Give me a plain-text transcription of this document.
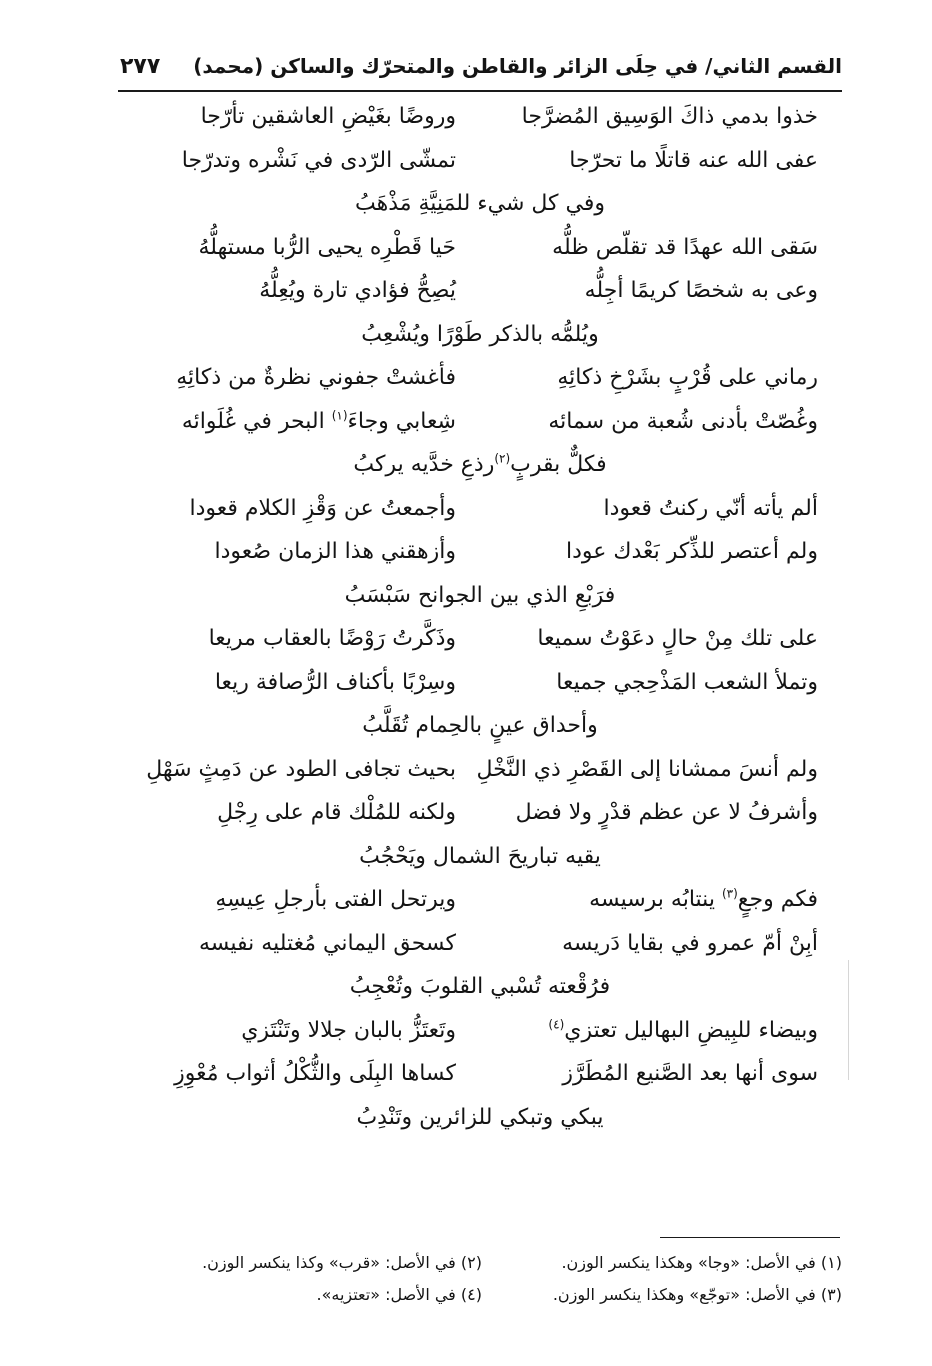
القسم الثاني/ في حِلَى الزائر والقاطن والمتحرّك والساكن (محمد)
٢٧٧
خذوا بدمي ذاكَ الوَسِيق المُضرَّجا
وروضًا بغَيْضِ العاشقين تأرّجا
عفى الله عنه قاتلًا ما تحرّجا
تمشّى الرّدى في نَشْره وتدرّجا
وفي كل شيء للمَنِيَّةِ مَذْهَبُ
سَقى الله عهدًا قد تقلّص ظلُّه
حَيا قَطْرِه يحيى الرُّبا مستهلُّهُ
وعى به شخصًا كريمًا أجِلُّه
يُصِحُّ فؤادي تارة ويُعِلُّهُ
ويُلمُّه بالذكر طَوْرًا ويُشْعِبُ
رماني على قُرْبٍ بشَرْخِ ذكائِهِ
فأغشتْ جفوني نظرةٌ من ذكائِهِ
وغُصّتْ بأدنى شُعبة من سمائه
شِعابي وجاءَ$^{(١)}$ البحر في غُلَوائه
فكلٌّ بقربٍ$^{(٢)}$رذعِ خدَّيه يركبُ
ألم يأته أنّي ركنتُ قعودا
وأجمعتُ عن وَقْزِ الكلام قعودا
ولم أعتصر للذِّكر بَعْدك عودا
وأزهقني هذا الزمان صُعودا
فرَبْعِ الذي بين الجوانح سَبْسَبُ
على تلك مِنْ حالٍ دعَوْتُ سميعا
وذَكَّرتُ رَوْضًا بالعقاب مريعا
وتملأ الشعب المَذْحِجي جميعا
وسِرْبًا بأكناف الرُّصافة ريعا
وأحداق عينٍ بالحِمام تُقَلَّبُ
ولم أنسَ ممشانا إلى القَصْرِ ذي النَّخْلِ
بحيث تجافى الطود عن دَمِثٍ سَهْلِ
وأشرفُ لا عن عظم قدْرٍ ولا فضل
ولكنه للمُلْك قام على رِجْلِ
يقيه تباريحَ الشمال ويَحْجُبُ
فكم وجعٍ$^{(٣)}$ ينتابُه برسيسه
ويرتحل الفتى بأرجلِ عِيسِهِ
أبِنْ أمّ عمرو في بقايا دَريسه
كسحق اليماني مُغتليه نفيسه
فرُقْعته تُسْبي القلوبَ وتُعْجِبُ
وبيضاء للبِيضِ البهاليل تعتزي$^{(٤)}$
وتَعتَزُّ بالبان جلالا وتَنْتَزي
سوى أنها بعد الصَّنيع المُطَرَّز
كساها البِلَى والثُّكْلُ أثواب مُعْوِزِ
يبكي وتبكي للزائرين وتَنْدِبُ
(١) في الأصل: «وجا» وهكذا ينكسر الوزن.
(٢) في الأصل: «قرب» وكذا ينكسر الوزن.
(٣) في الأصل: «توجّع» وهكذا ينكسر الوزن.
(٤) في الأصل: «تعتزيه».
